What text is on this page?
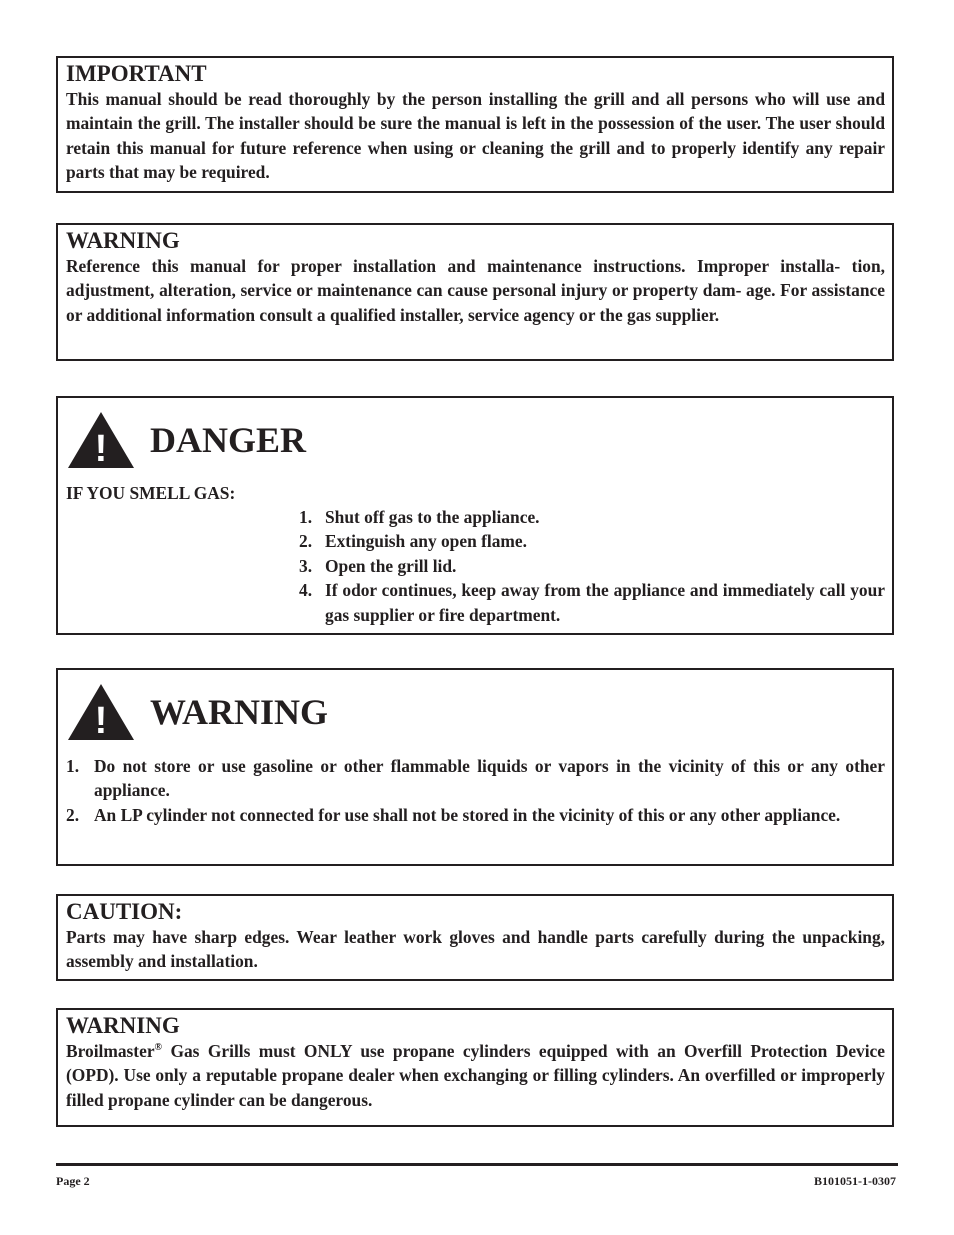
IMPORTANT

This manual should be read thoroughly by the person installing the grill and all persons who will use and maintain the grill. The installer should be sure the manual is left in the possession of the user. The user should retain this manual for future reference when using or cleaning the grill and to properly identify any repair parts that may be required.

WARNING

Reference this manual for proper installation and maintenance instructions. Improper installa- tion, adjustment, alteration, service or maintenance can cause personal injury or property dam- age. For assistance or additional information consult a qualified installer, service agency or the gas supplier.

! DANGER
IF YOU SMELL GAS:
1. Shut off gas to the appliance.
2. Extinguish any open flame.
3. Open the grill lid.
4. If odor continues, keep away from the appliance and immediately call your gas supplier or fire department.
! WARNING
1. Do not store or use gasoline or other flammable liquids or vapors in the vicinity of this or any other appliance.
2. An LP cylinder not connected for use shall not be stored in the vicinity of this or any other appliance.
CAUTION:

Parts may have sharp edges. Wear leather work gloves and handle parts carefully during the unpacking, assembly and installation.

WARNING

Broilmaster® Gas Grills must ONLY use propane cylinders equipped with an Overfill Protection Device (OPD). Use only a reputable propane dealer when exchanging or filling cylinders. An overfilled or improperly filled propane cylinder can be dangerous.

Page 2	B101051-1-0307
